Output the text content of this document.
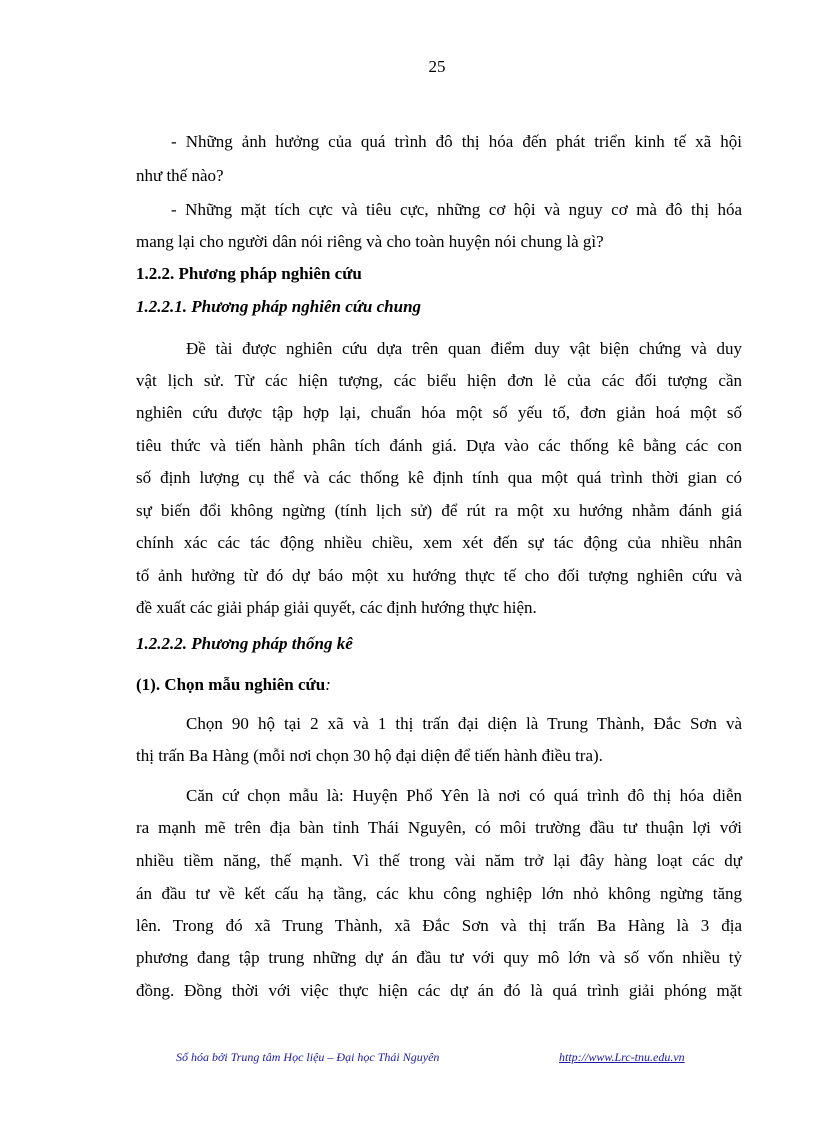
25
- Những ảnh hưởng của quá trình đô thị hóa đến phát triển kinh tế xã hội
như thế nào?
- Những mặt tích cực và tiêu cực, những cơ hội và nguy cơ mà đô thị hóa
mang lại cho người dân nói riêng và cho toàn huyện nói chung là gì?
1.2.2. Phương pháp nghiên cứu
1.2.2.1. Phương pháp nghiên cứu chung
Đề tài được nghiên cứu dựa trên quan điểm duy vật biện chứng và duy
vật lịch sử. Từ các hiện tượng, các biểu hiện đơn lẻ của các đối tượng cần
nghiên cứu được tập hợp lại, chuẩn hóa một số yếu tố, đơn giản hoá một số
tiêu thức và tiến hành phân tích đánh giá. Dựa vào các thống kê bằng các con
số định lượng cụ thể và các thống kê định tính qua một quá trình thời gian có
sự biến đổi không ngừng (tính lịch sử) để rút ra một xu hướng nhằm đánh giá
chính xác các tác động nhiều chiều, xem xét đến sự tác động của nhiều nhân
tố ảnh hưởng từ đó dự báo một xu hướng thực tế cho đối tượng nghiên cứu và
đề xuất các giải pháp giải quyết, các định hướng thực hiện.
1.2.2.2. Phương pháp thống kê
(1). Chọn mẫu nghiên cứu:
Chọn 90 hộ tại 2 xã và 1 thị trấn đại diện là Trung Thành, Đắc Sơn và
thị trấn Ba Hàng (mỗi nơi chọn 30 hộ đại diện để tiến hành điều tra).
Căn cứ chọn mẫu là: Huyện Phổ Yên là nơi có quá trình đô thị hóa diễn
ra mạnh mẽ trên địa bàn tỉnh Thái Nguyên, có môi trường đầu tư thuận lợi với
nhiều tiềm năng, thế mạnh. Vì thế trong vài năm trở lại đây hàng loạt các dự
án đầu tư về kết cấu hạ tầng, các khu công nghiệp lớn nhỏ không ngừng tăng
lên. Trong đó xã Trung Thành, xã Đắc Sơn và thị trấn Ba Hàng là 3 địa
phương đang tập trung những dự án đầu tư với quy mô lớn và số vốn nhiều tỷ
đồng. Đồng thời với việc thực hiện các dự án đó là quá trình giải phóng mặt
Số hóa bởi Trung tâm Học liệu – Đại học Thái Nguyên	http://www.Lrc-tnu.edu.vn
